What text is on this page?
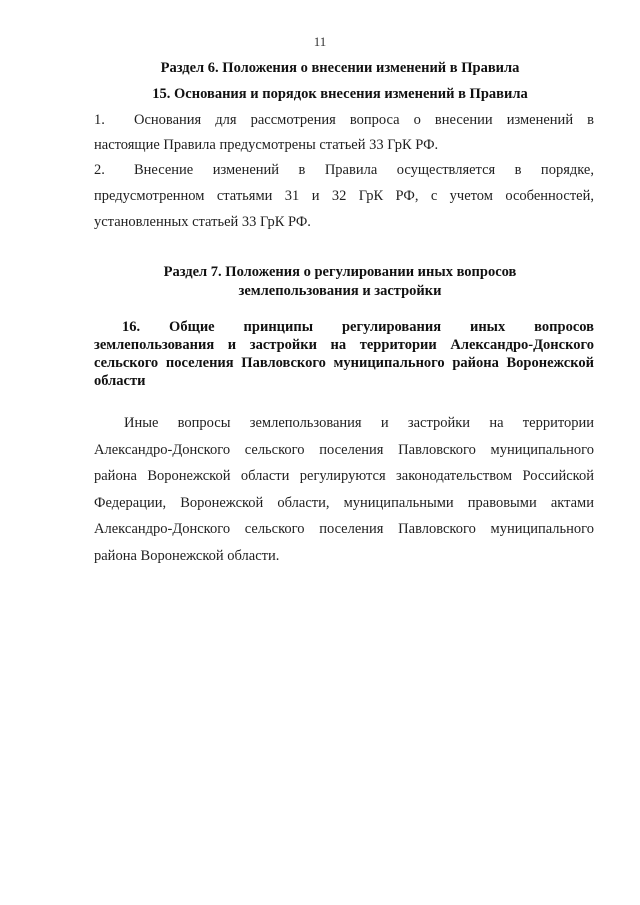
11
Раздел 6. Положения о внесении изменений в Правила
15. Основания и порядок внесения изменений в Правила
1. Основания для рассмотрения вопроса о внесении изменений в
настоящие Правила предусмотрены статьей 33 ГрК РФ.
2. Внесение изменений в Правила осуществляется в порядке,
предусмотренном статьями 31 и 32 ГрК РФ, с учетом особенностей,
установленных статьей 33 ГрК РФ.
Раздел 7. Положения о регулировании иных вопросов
землепользования и застройки
16. Общие принципы регулирования иных вопросов
землепользования и застройки на территории Александро-Донского
сельского поселения Павловского муниципального района Воронежской
области
Иные вопросы землепользования и застройки на территории
Александро-Донского сельского поселения Павловского муниципального
района Воронежской области регулируются законодательством Российской
Федерации, Воронежской области, муниципальными правовыми актами
Александро-Донского сельского поселения Павловского муниципального
района Воронежской области.
